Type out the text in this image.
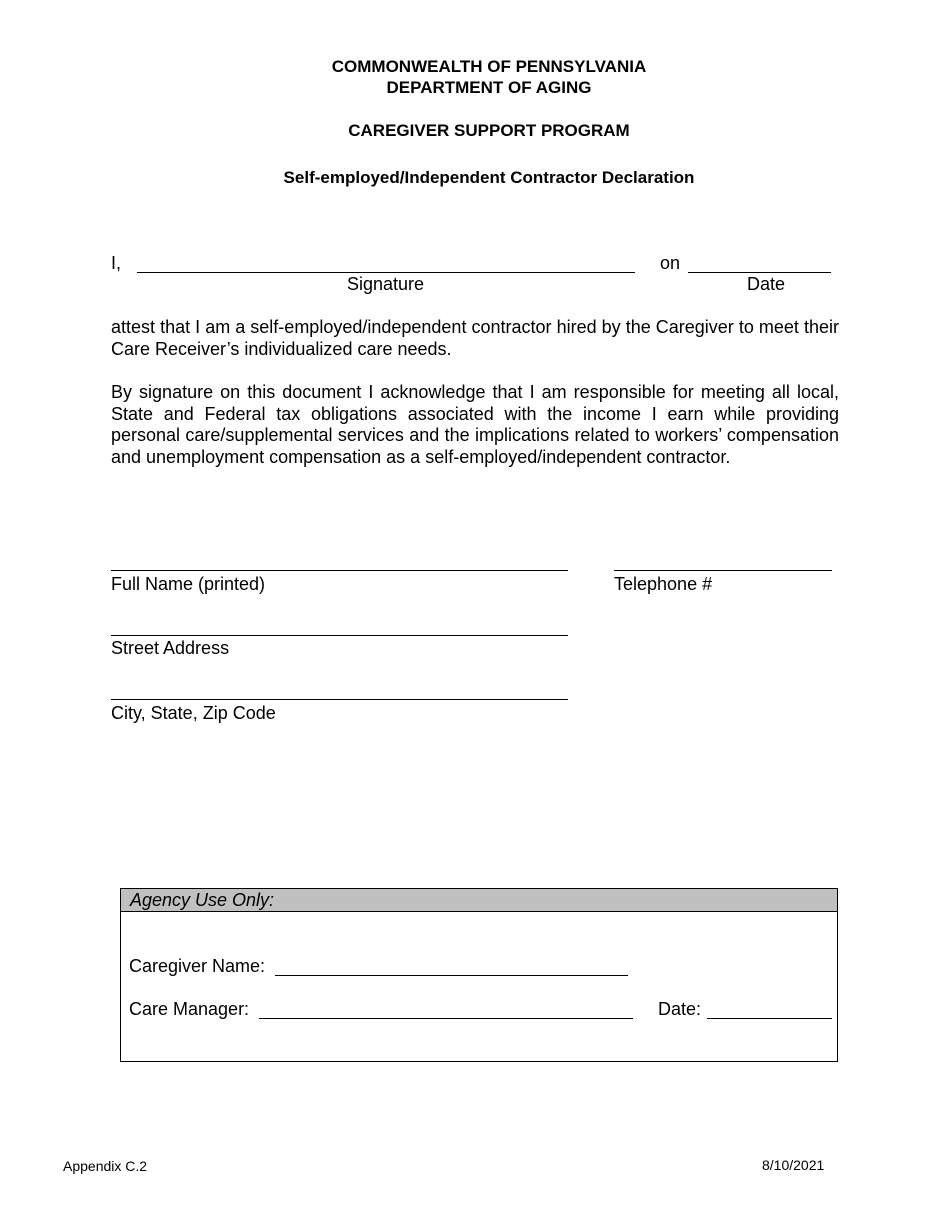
COMMONWEALTH OF PENNSYLVANIA
DEPARTMENT OF AGING
CAREGIVER SUPPORT PROGRAM
Self-employed/Independent Contractor Declaration
I,	on
Signature	Date
attest that I am a self-employed/independent contractor hired by the Caregiver to meet their Care Receiver’s individualized care needs.
By signature on this document I acknowledge that I am responsible for meeting all local, State and Federal tax obligations associated with the income I earn while providing personal care/supplemental services and the implications related to workers’ compensation and unemployment compensation as a self-employed/independent contractor.
Full Name (printed)	Telephone #
Street Address
City, State, Zip Code
Agency Use Only:
Caregiver Name:
Care Manager:	Date:
Appendix C.2	8/10/2021
